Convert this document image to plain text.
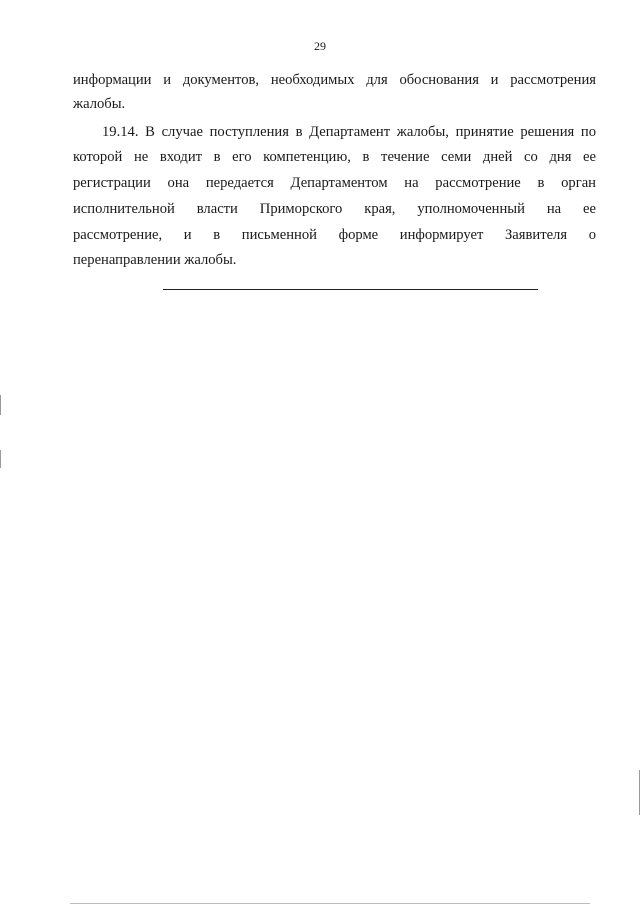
29
информации и документов, необходимых для обоснования и рассмотрения
жалобы.
19.14. В случае поступления в Департамент жалобы, принятие решения по
которой не входит в его компетенцию, в течение семи дней со дня ее
регистрации она передается Департаментом на рассмотрение в орган
исполнительной власти Приморского края, уполномоченный на ее
рассмотрение, и в письменной форме информирует Заявителя о
перенаправлении жалобы.
